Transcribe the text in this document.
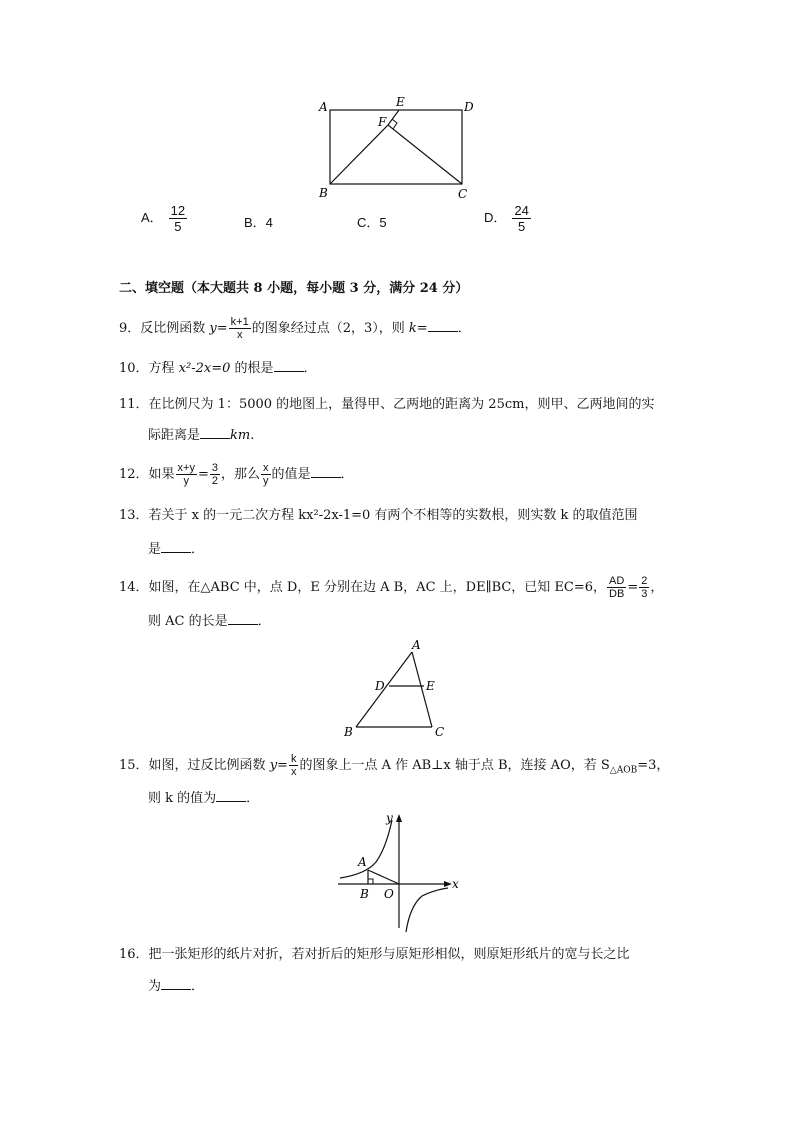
A	E	D
F
B	C
A． $\frac{12}{5}$	B．4	C．5	D． $\frac{24}{5}$
二、填空题（本大题共 8 小题，每小题 3 分，满分 24 分）
9．反比例函数 $y= \frac{k+1}{x}$ 的图象经过点（2，3），则 k= ．
10．方程 x²-2x=0 的根是 ．
11．在比例尺为 1：5000 的地图上，量得甲、乙两地的距离为 25cm，则甲、乙两地间的实
际距离是 km.
12．如果 $\frac{x+y}{y} = \frac{3}{2}$ ，那么 $\frac{x}{y}$ 的值是 ．
13．若关于 x 的一元二次方程 kx²-2x-1=0 有两个不相等的实数根，则实数 k 的取值范围
是 ．
14．如图，在△ABC 中，点 D，E 分别在边 A B，AC 上，DE∥BC，已知 EC=6， $\frac{AD}{DB} = \frac{2}{3}$ ，
则 AC 的长是 ．
A
D	E
B	C
15．如图，过反比例函数 $y= \frac{k}{x}$ 的图象上一点 A 作 AB⊥x 轴于点 B，连接 AO，若 $S_{\triangle AOB}=3$，
则 k 的值为 ．
y
x
A
B O
16．把一张矩形的纸片对折，若对折后的矩形与原矩形相似，则原矩形纸片的宽与长之比
为 ．
